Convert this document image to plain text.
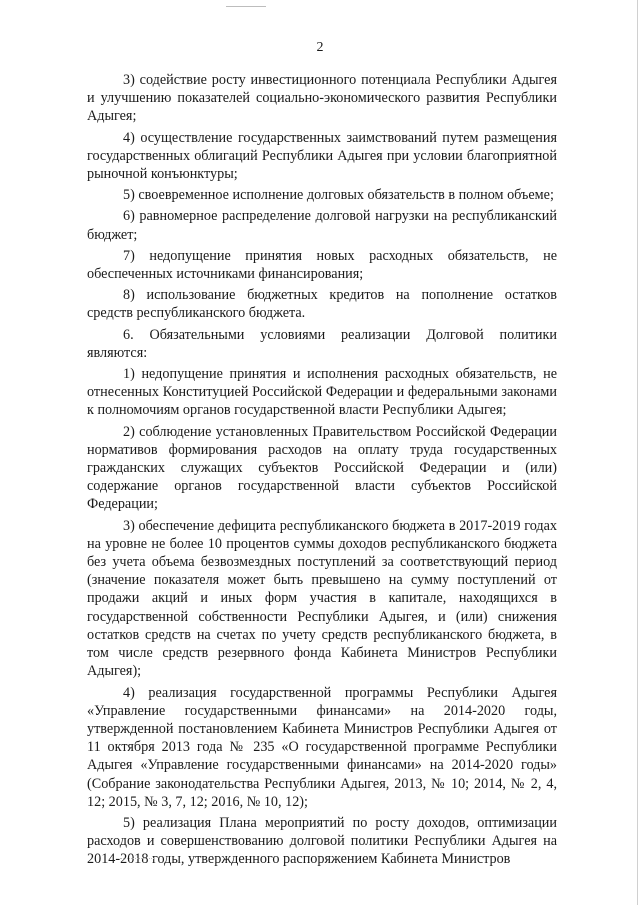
2

3) содействие росту инвестиционного потенциала Республики Адыгея и улучшению показателей социально-экономического развития Республики Адыгея;

4) осуществление государственных заимствований путем размещения государственных облигаций Республики Адыгея при условии благоприятной рыночной конъюнктуры;

5) своевременное исполнение долговых обязательств в полном объеме;

6) равномерное распределение долговой нагрузки на республиканский бюджет;

7) недопущение принятия новых расходных обязательств, не обеспеченных источниками финансирования;

8) использование бюджетных кредитов на пополнение остатков средств республиканского бюджета.

6. Обязательными условиями реализации Долговой политики являются:

1) недопущение принятия и исполнения расходных обязательств, не отнесенных Конституцией Российской Федерации и федеральными законами к полномочиям органов государственной власти Республики Адыгея;

2) соблюдение установленных Правительством Российской Федерации нормативов формирования расходов на оплату труда государственных гражданских служащих субъектов Российской Федерации и (или) содержание органов государственной власти субъектов Российской Федерации;

3) обеспечение дефицита республиканского бюджета в 2017-2019 годах на уровне не более 10 процентов суммы доходов республиканского бюджета без учета объема безвозмездных поступлений за соответствующий период (значение показателя может быть превышено на сумму поступлений от продажи акций и иных форм участия в капитале, находящихся в государственной собственности Республики Адыгея, и (или) снижения остатков средств на счетах по учету средств республиканского бюджета, в том числе средств резервного фонда Кабинета Министров Республики Адыгея);

4) реализация государственной программы Республики Адыгея «Управление государственными финансами» на 2014-2020 годы, утвержденной постановлением Кабинета Министров Республики Адыгея от 11 октября 2013 года № 235 «О государственной программе Республики Адыгея «Управление государственными финансами» на 2014-2020 годы» (Собрание законодательства Республики Адыгея, 2013, № 10; 2014, № 2, 4, 12; 2015, № 3, 7, 12; 2016, № 10, 12);

5) реализация Плана мероприятий по росту доходов, оптимизации расходов и совершенствованию долговой политики Республики Адыгея на 2014-2018 годы, утвержденного распоряжением Кабинета Министров
